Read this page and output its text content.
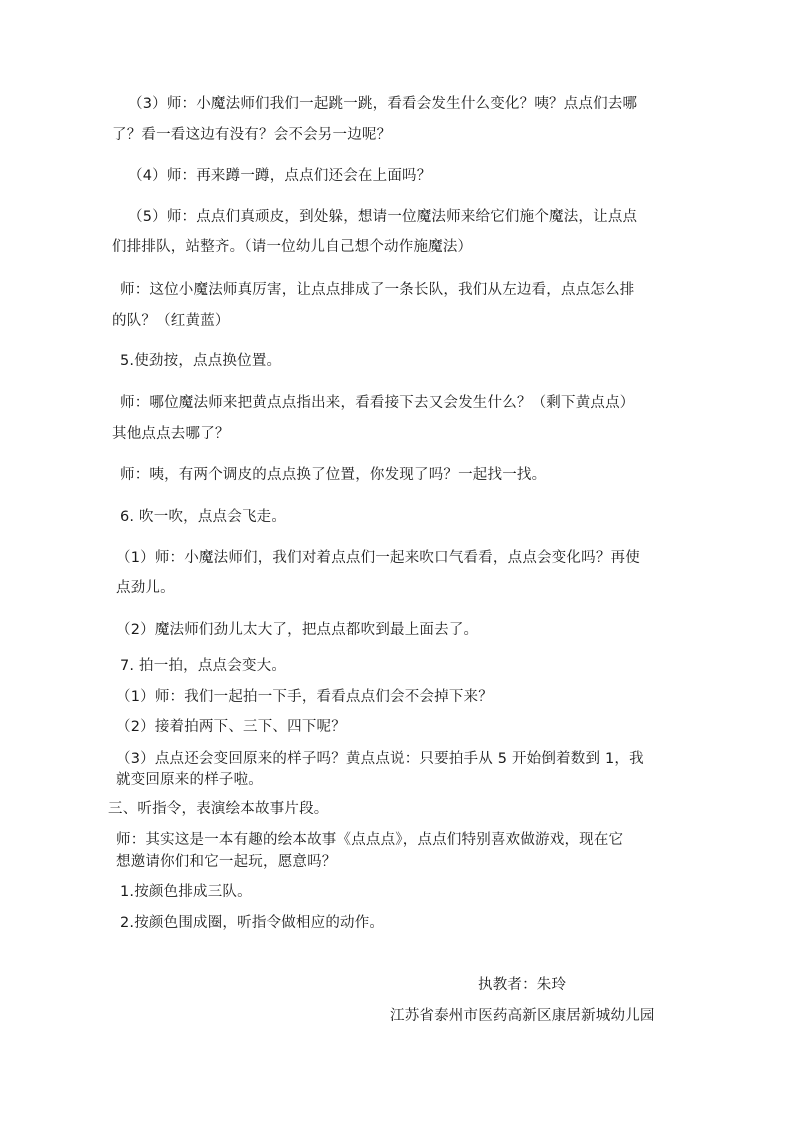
（3）师：小魔法师们我们一起跳一跳，看看会发生什么变化？咦？点点们去哪
了？看一看这边有没有？会不会另一边呢？
（4）师：再来蹲一蹲，点点们还会在上面吗？
（5）师：点点们真顽皮，到处躲，想请一位魔法师来给它们施个魔法，让点点
们排排队，站整齐。（请一位幼儿自己想个动作施魔法）
师：这位小魔法师真厉害，让点点排成了一条长队，我们从左边看，点点怎么排
的队？（红黄蓝）
5.使劲按，点点换位置。
师：哪位魔法师来把黄点点指出来，看看接下去又会发生什么？（剩下黄点点）
其他点点去哪了？
师：咦，有两个调皮的点点换了位置，你发现了吗？一起找一找。
6. 吹一吹，点点会飞走。
（1）师：小魔法师们，我们对着点点们一起来吹口气看看，点点会变化吗？再使
点劲儿。
（2）魔法师们劲儿太大了，把点点都吹到最上面去了。
7. 拍一拍，点点会变大。
（1）师：我们一起拍一下手，看看点点们会不会掉下来？
（2）接着拍两下、三下、四下呢？
（3）点点还会变回原来的样子吗？黄点点说：只要拍手从 5 开始倒着数到 1，我
就变回原来的样子啦。
三、听指令，表演绘本故事片段。
师：其实这是一本有趣的绘本故事《点点点》，点点们特别喜欢做游戏，现在它
想邀请你们和它一起玩，愿意吗？
1.按颜色排成三队。
2.按颜色围成圈，听指令做相应的动作。
执教者：朱玲
江苏省泰州市医药高新区康居新城幼儿园
